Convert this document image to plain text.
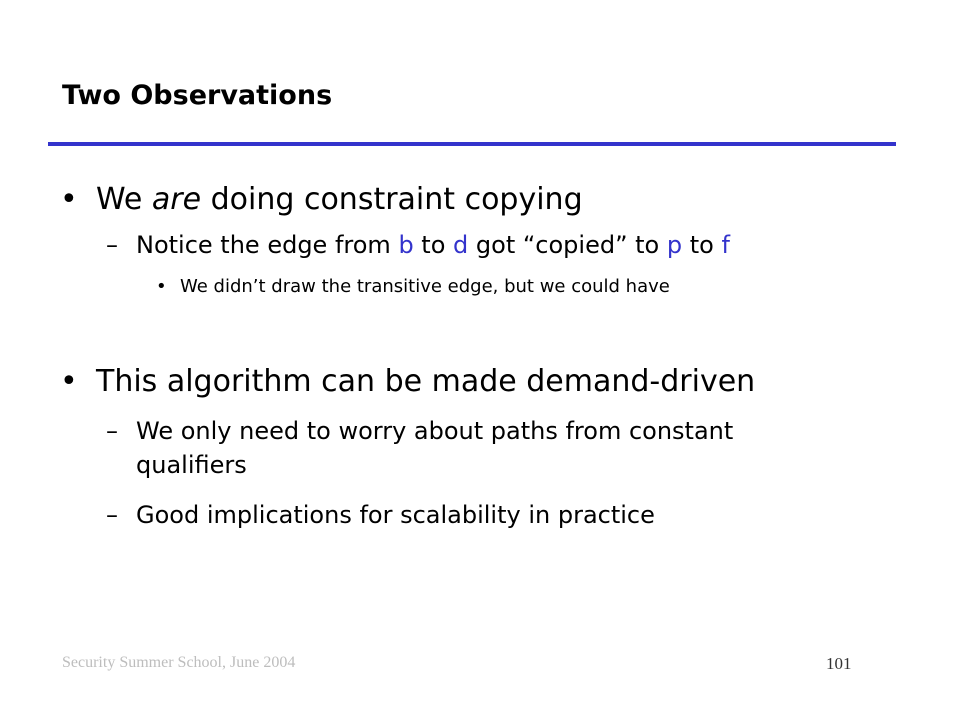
Two Observations
• We are doing constraint copying
– Notice the edge from b to d got “copied” to p to f
• We didn’t draw the transitive edge, but we could have
• This algorithm can be made demand-driven
– We only need to worry about paths from constant
qualifiers
– Good implications for scalability in practice
Security Summer School, June 2004	101
